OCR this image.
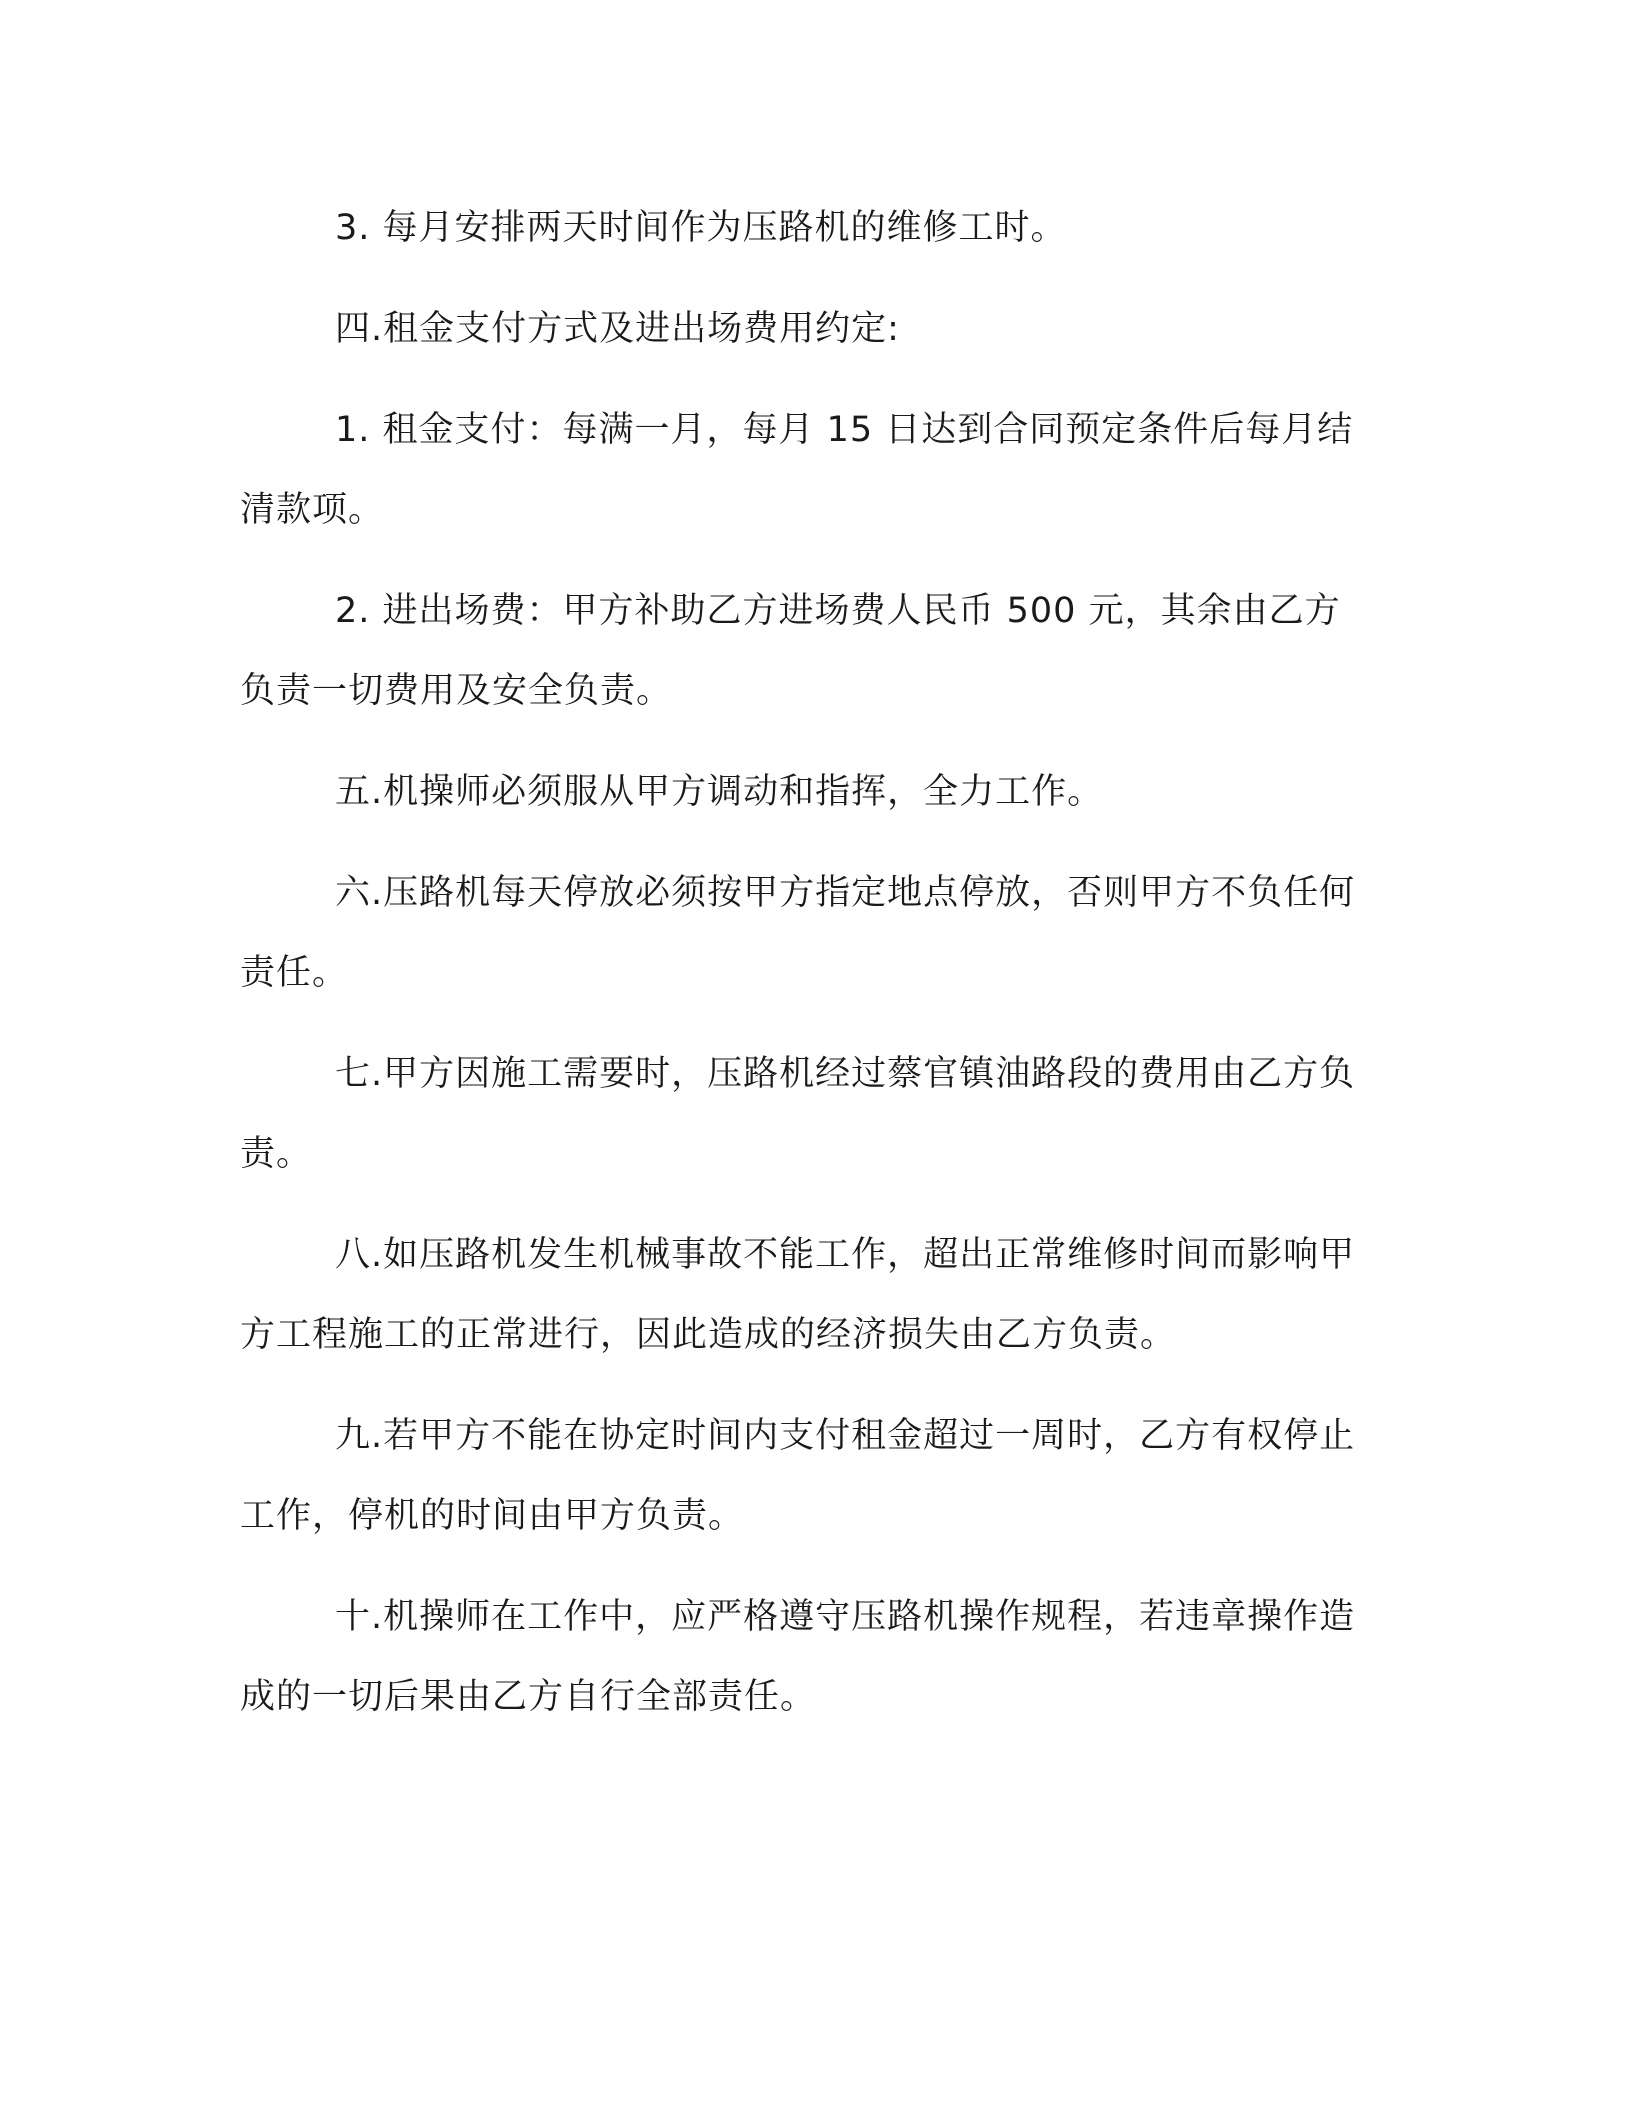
3. 每月安排两天时间作为压路机的维修工时。

四.租金支付方式及进出场费用约定:

1. 租金支付：每满一月，每月 15 日达到合同预定条件后每月结清款项。

2. 进出场费：甲方补助乙方进场费人民币 500 元，其余由乙方负责一切费用及安全负责。

五.机操师必须服从甲方调动和指挥，全力工作。

六.压路机每天停放必须按甲方指定地点停放，否则甲方不负任何责任。

七.甲方因施工需要时，压路机经过蔡官镇油路段的费用由乙方负责。

八.如压路机发生机械事故不能工作，超出正常维修时间而影响甲方工程施工的正常进行，因此造成的经济损失由乙方负责。

九.若甲方不能在协定时间内支付租金超过一周时，乙方有权停止工作，停机的时间由甲方负责。

十.机操师在工作中，应严格遵守压路机操作规程，若违章操作造成的一切后果由乙方自行全部责任。
